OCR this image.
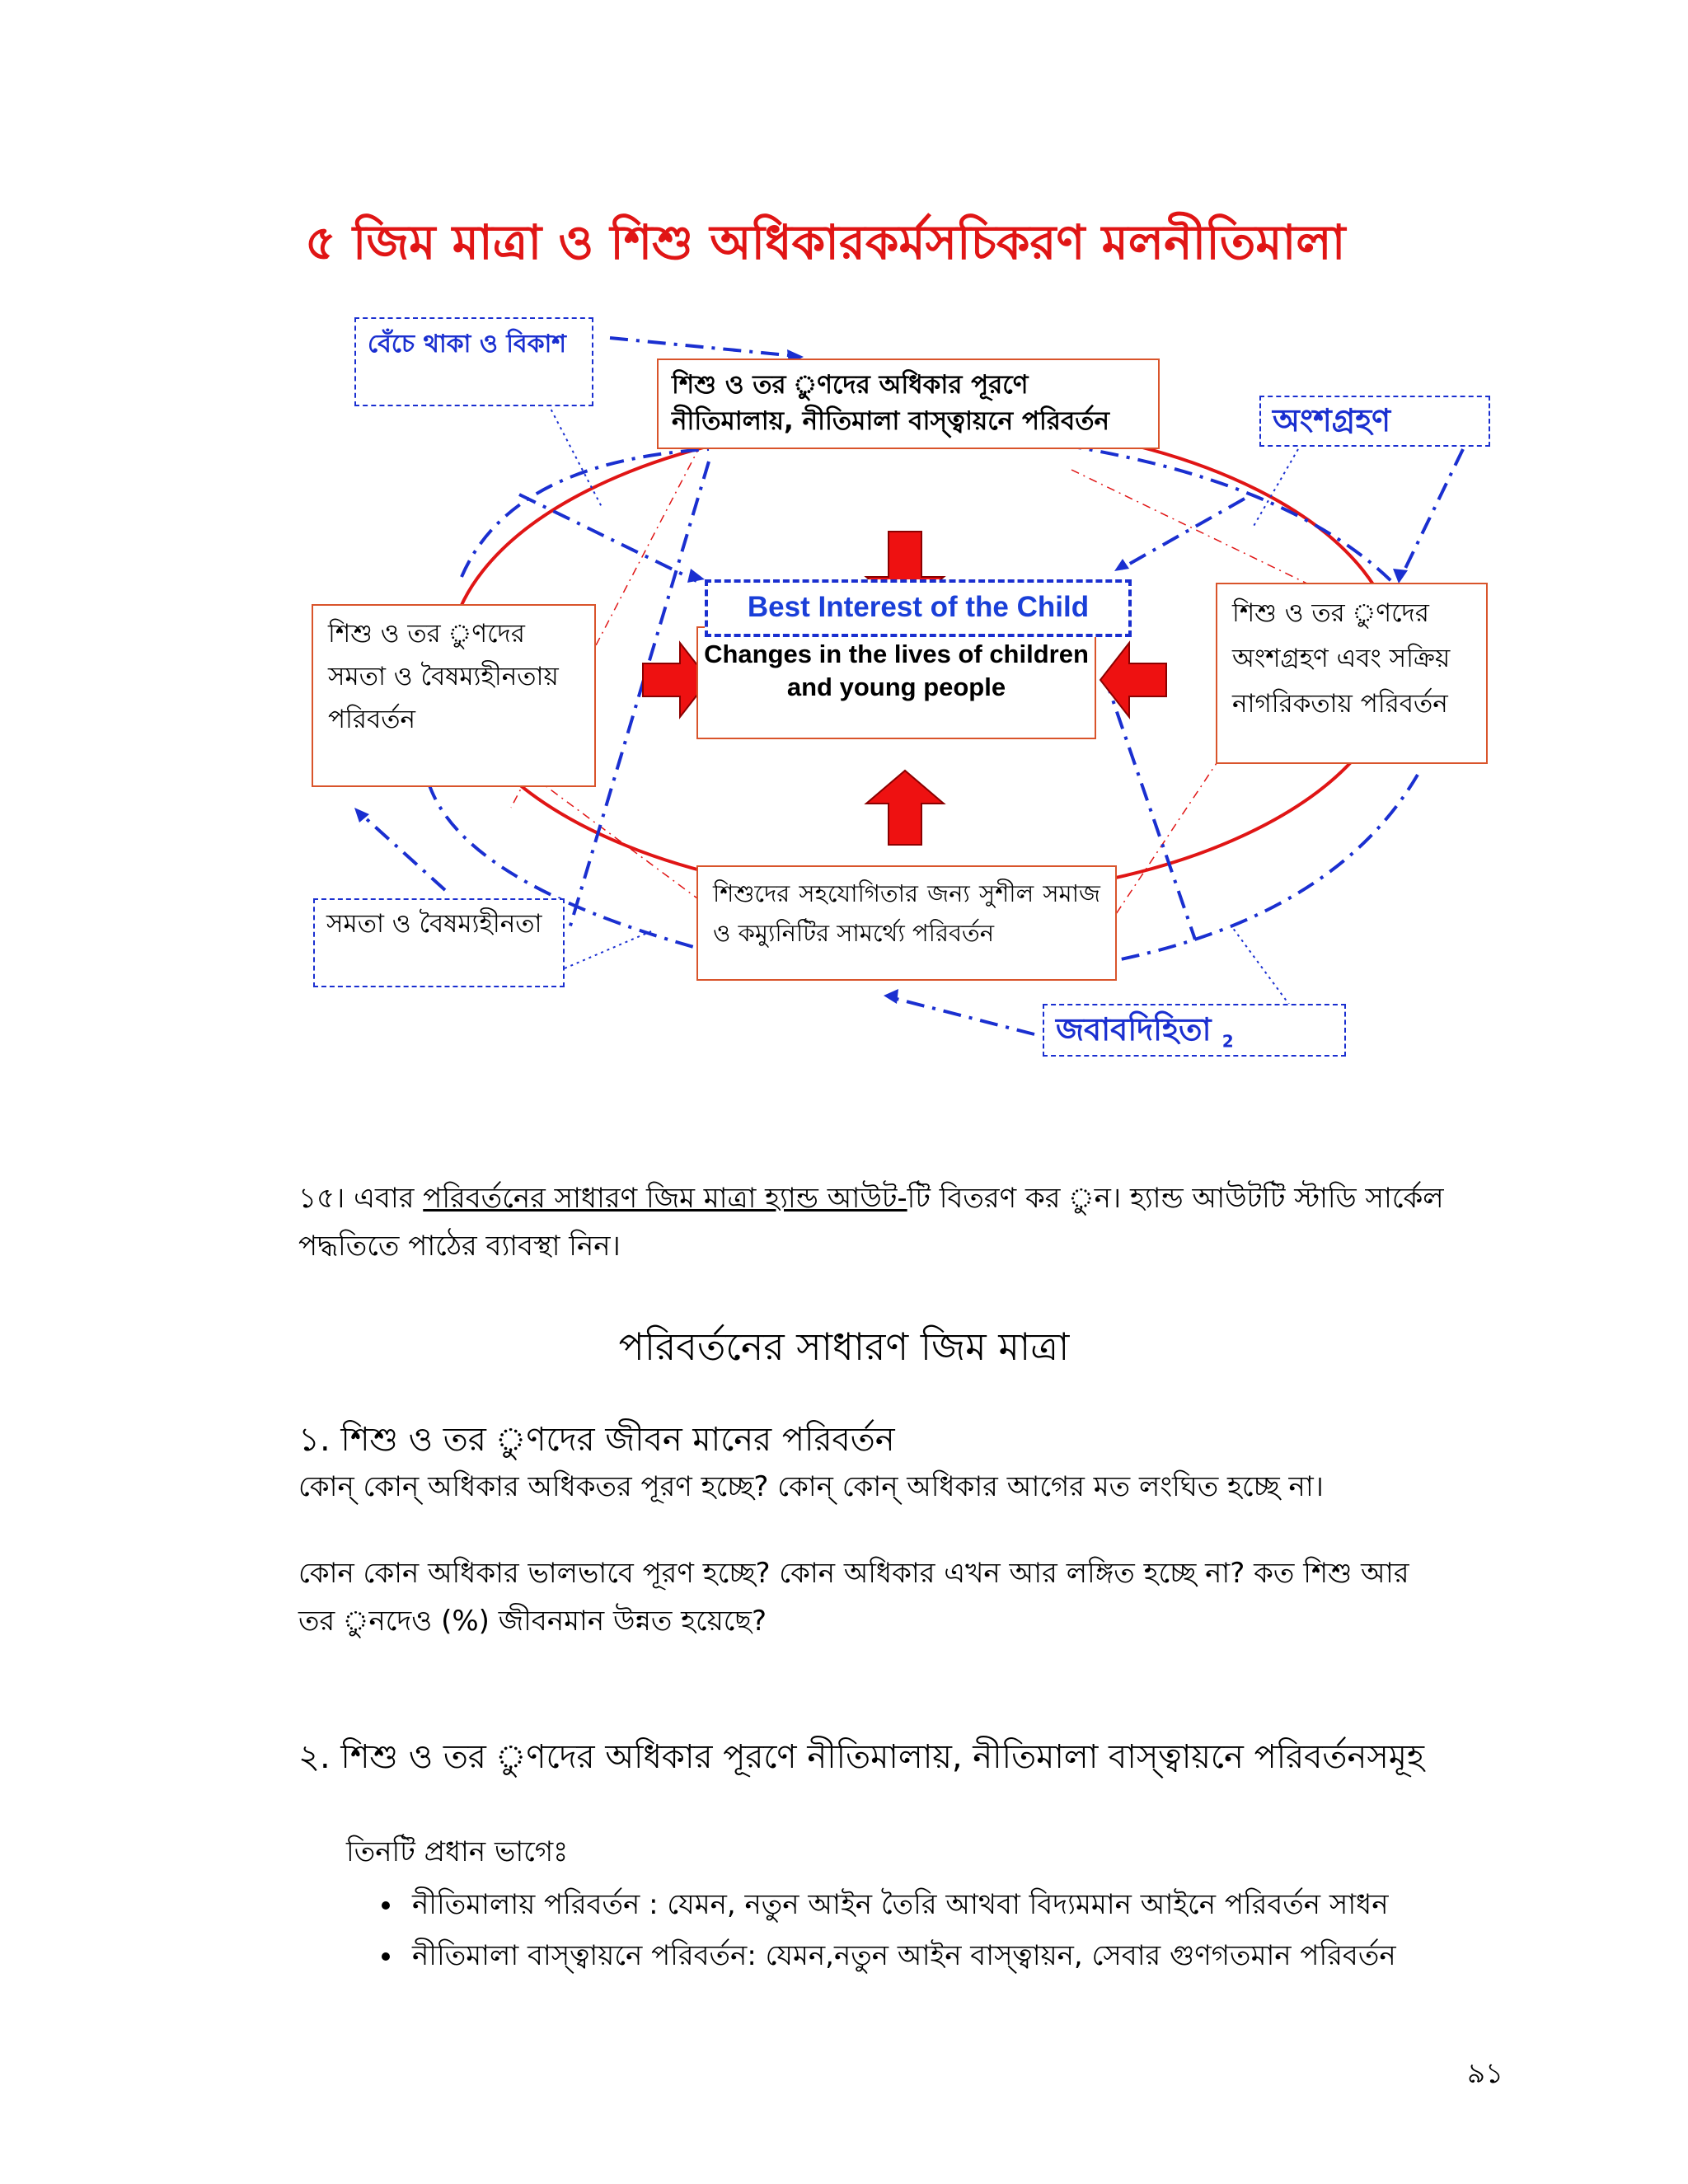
৫ জিম মাত্রা ও শিশু অধিকারকর্মসচিকরণ মলনীতিমালা
শিশু ও তর ুণদের অধিকার পূরণে নীতিমালায়, নীতিমালা বাস্ত্বায়নে পরিবর্তন
শিশু ও তর ুণদের সমতা ও বৈষম্যহীনতায় পরিবর্তন
শিশু ও তর ুণদের অংশগ্রহণ এবং সক্রিয় নাগরিকতায় পরিবর্তন
শিশুদের সহযোগিতার জন্য সুশীল সমাজ ও কম্যুনিটির সামর্থ্যে পরিবর্তন
Changes in the lives of children and young people
Best Interest of the Child
বেঁচে থাকা ও বিকাশ
অংশগ্রহণ
সমতা ও বৈষম্যহীনতা
জবাবদিহিতা $_2$
১৫। এবার পরিবর্তনের সাধারণ জিম মাত্রা হ্যান্ড আউট-টি বিতরণ কর ুন। হ্যান্ড আউটটি স্টাডি সার্কেল
পদ্ধতিতে পাঠের ব্যাবস্থা নিন।
পরিবর্তনের সাধারণ জিম মাত্রা
১. শিশু ও তর ুণদের জীবন মানের পরিবর্তন
কোন্ কোন্ অধিকার অধিকতর পূরণ হচ্ছে? কোন্ কোন্ অধিকার আগের মত লংঘিত হচ্ছে না।
কোন কোন অধিকার ভালভাবে পূরণ হচ্ছে? কোন অধিকার এখন আর লঙ্গিত হচ্ছে না? কত শিশু আর
তর ুনদেও (%) জীবনমান উন্নত হয়েছে?
২. শিশু ও তর ুণদের অধিকার পূরণে নীতিমালায়, নীতিমালা বাস্ত্বায়নে পরিবর্তনসমূহ
তিনটি প্রধান ভাগেঃ
• নীতিমালায় পরিবর্তন : যেমন, নতুন আইন তৈরি আথবা বিদ্যমমান আইনে পরিবর্তন সাধন
• নীতিমালা বাস্ত্বায়নে পরিবর্তন: যেমন,নতুন আইন বাস্ত্বায়ন, সেবার গুণগতমান পরিবর্তন
৯১
